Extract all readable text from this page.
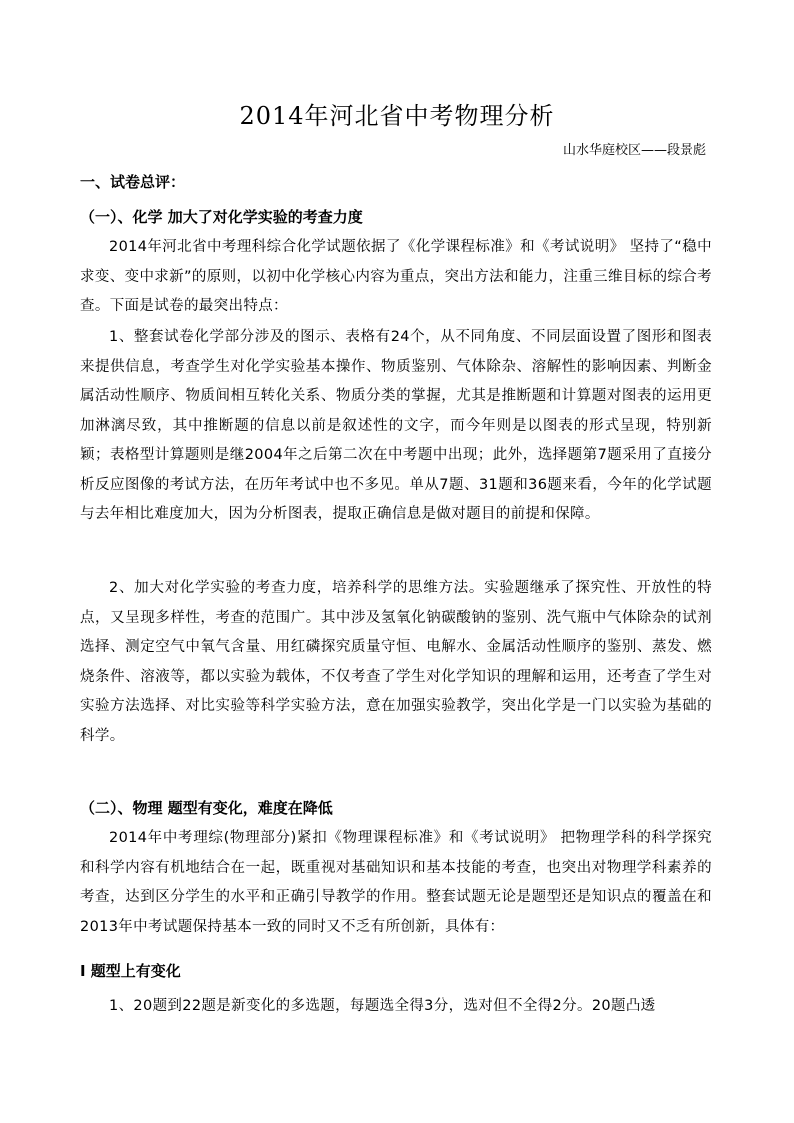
2014年河北省中考物理分析
山水华庭校区——段景彪
一、试卷总评：
（一）、化学 加大了对化学实验的考查力度
2014年河北省中考理科综合化学试题依据了《化学课程标准》和《考试说明》 坚持了“稳中求变、变中求新”的原则，以初中化学核心内容为重点，突出方法和能力，注重三维目标的综合考查。下面是试卷的最突出特点：
1、整套试卷化学部分涉及的图示、表格有24个，从不同角度、不同层面设置了图形和图表来提供信息，考查学生对化学实验基本操作、物质鉴别、气体除杂、溶解性的影响因素、判断金属活动性顺序、物质间相互转化关系、物质分类的掌握，尤其是推断题和计算题对图表的运用更加淋漓尽致，其中推断题的信息以前是叙述性的文字，而今年则是以图表的形式呈现，特别新颖；表格型计算题则是继2004年之后第二次在中考题中出现；此外，选择题第7题采用了直接分析反应图像的考试方法，在历年考试中也不多见。单从7题、31题和36题来看，今年的化学试题与去年相比难度加大，因为分析图表，提取正确信息是做对题目的前提和保障。
2、加大对化学实验的考查力度，培养科学的思维方法。实验题继承了探究性、开放性的特点，又呈现多样性，考查的范围广。其中涉及氢氧化钠碳酸钠的鉴别、洗气瓶中气体除杂的试剂选择、测定空气中氧气含量、用红磷探究质量守恒、电解水、金属活动性顺序的鉴别、蒸发、燃烧条件、溶液等，都以实验为载体，不仅考查了学生对化学知识的理解和运用，还考查了学生对实验方法选择、对比实验等科学实验方法，意在加强实验教学，突出化学是一门以实验为基础的科学。
（二）、物理 题型有变化，难度在降低
2014年中考理综(物理部分)紧扣《物理课程标准》和《考试说明》 把物理学科的科学探究和科学内容有机地结合在一起，既重视对基础知识和基本技能的考查，也突出对物理学科素养的考查，达到区分学生的水平和正确引导教学的作用。整套试题无论是题型还是知识点的覆盖在和2013年中考试题保持基本一致的同时又不乏有所创新，具体有：
Ⅰ 题型上有变化
1、20题到22题是新变化的多选题，每题选全得3分，选对但不全得2分。20题凸透
